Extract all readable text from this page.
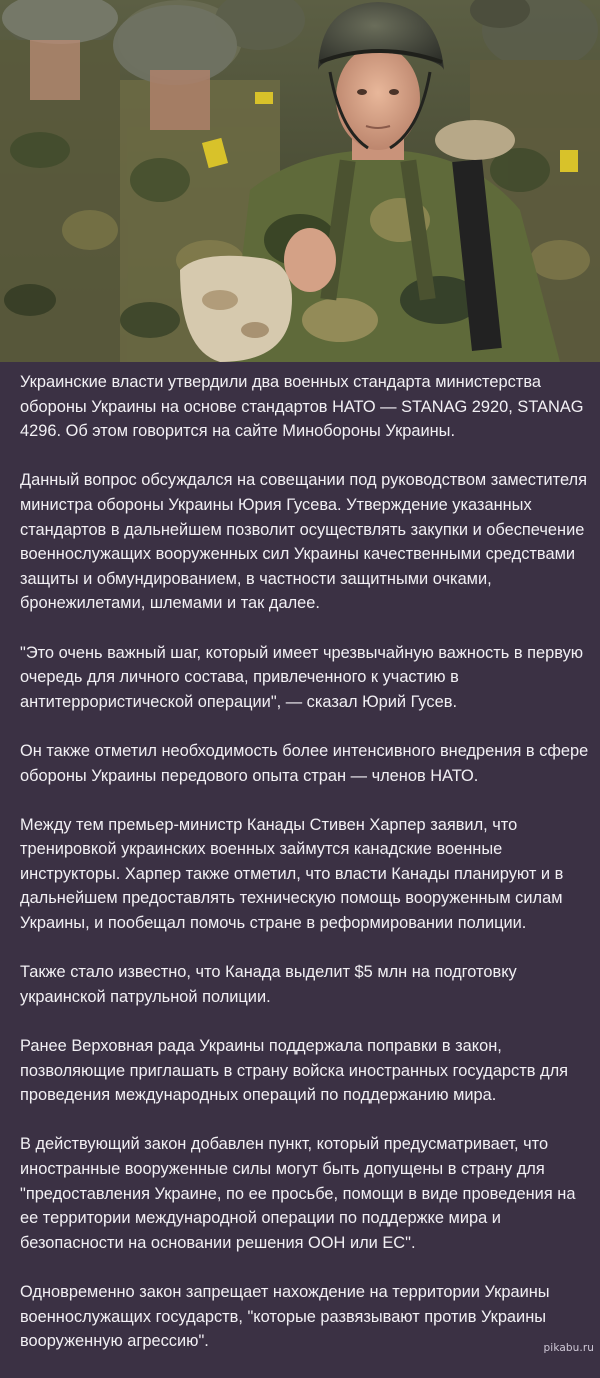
Украинские власти утвердили два военных стандарта министерства обороны Украины на основе стандартов НАТО — STANAG 2920, STANAG 4296. Об этом говорится на сайте Минобороны Украины.

Данный вопрос обсуждался на совещании под руководством заместителя министра обороны Украины Юрия Гусева. Утверждение указанных стандартов в дальнейшем позволит осуществлять закупки и обеспечение военнослужащих вооруженных сил Украины качественными средствами защиты и обмундированием, в частности защитными очками, бронежилетами, шлемами и так далее.

"Это очень важный шаг, который имеет чрезвычайную важность в первую очередь для личного состава, привлеченного к участию в антитеррористической операции", — сказал Юрий Гусев.

Он также отметил необходимость более интенсивного внедрения в сфере обороны Украины передового опыта стран — членов НАТО.

Между тем премьер-министр Канады Стивен Харпер заявил, что тренировкой украинских военных займутся канадские военные инструкторы. Харпер также отметил, что власти Канады планируют и в дальнейшем предоставлять техническую помощь вооруженным силам Украины, и пообещал помочь стране в реформировании полиции.

Также стало известно, что Канада выделит $5 млн на подготовку украинской патрульной полиции.

Ранее Верховная рада Украины поддержала поправки в закон, позволяющие приглашать в страну войска иностранных государств для проведения международных операций по поддержанию мира.

В действующий закон добавлен пункт, который предусматривает, что иностранные вооруженные силы могут быть допущены в страну для "предоставления Украине, по ее просьбе, помощи в виде проведения на ее территории международной операции по поддержке мира и безопасности на основании решения ООН или ЕС".

Одновременно закон запрещает нахождение на территории Украины военнослужащих государств, "которые развязывают против Украины вооруженную агрессию".	pikabu.ru
